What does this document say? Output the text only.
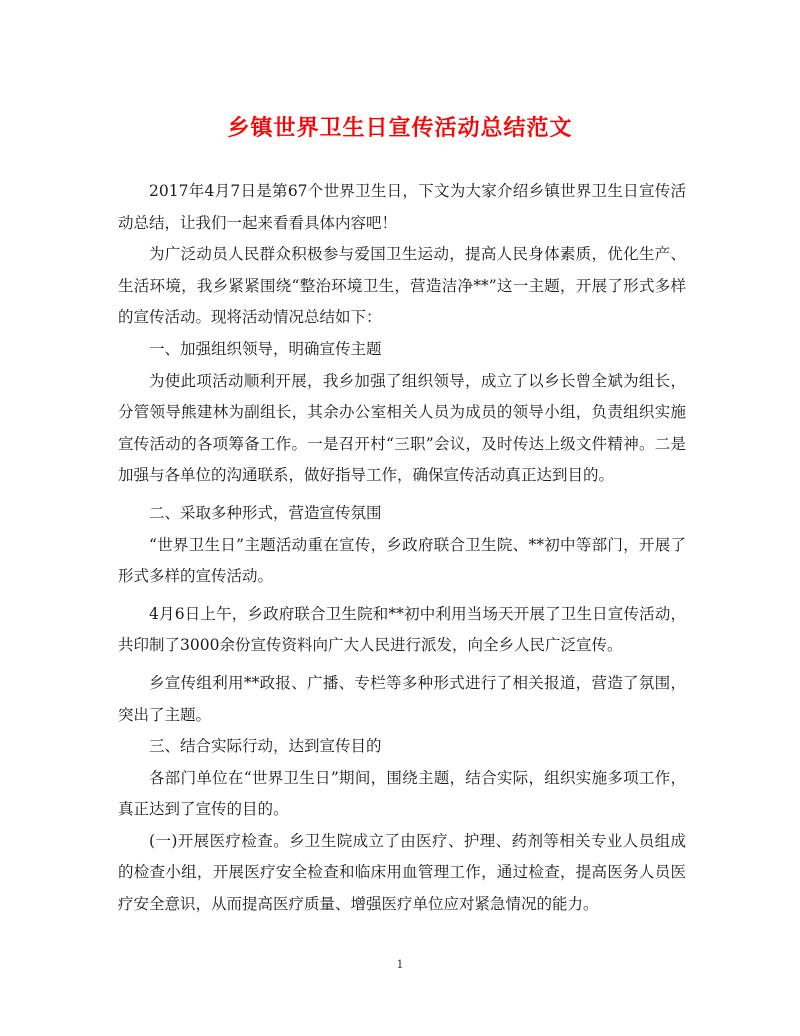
乡镇世界卫生日宣传活动总结范文

2017年4月7日是第67个世界卫生日，下文为大家介绍乡镇世界卫生日宣传活动总结，让我们一起来看看具体内容吧！

为广泛动员人民群众积极参与爱国卫生运动，提高人民身体素质，优化生产、生活环境，我乡紧紧围绕“整治环境卫生，营造洁净**”这一主题，开展了形式多样的宣传活动。现将活动情况总结如下：

一、加强组织领导，明确宣传主题

为使此项活动顺利开展，我乡加强了组织领导，成立了以乡长曾全斌为组长，分管领导熊建林为副组长，其余办公室相关人员为成员的领导小组，负责组织实施宣传活动的各项筹备工作。一是召开村“三职”会议，及时传达上级文件精神。二是加强与各单位的沟通联系，做好指导工作，确保宣传活动真正达到目的。

二、采取多种形式，营造宣传氛围

“世界卫生日”主题活动重在宣传，乡政府联合卫生院、**初中等部门，开展了形式多样的宣传活动。

4月6日上午，乡政府联合卫生院和**初中利用当场天开展了卫生日宣传活动，共印制了3000余份宣传资料向广大人民进行派发，向全乡人民广泛宣传。

乡宣传组利用**政报、广播、专栏等多种形式进行了相关报道，营造了氛围，突出了主题。

三、结合实际行动，达到宣传目的

各部门单位在“世界卫生日”期间，围绕主题，结合实际，组织实施多项工作，真正达到了宣传的目的。

(一)开展医疗检查。乡卫生院成立了由医疗、护理、药剂等相关专业人员组成的检查小组，开展医疗安全检查和临床用血管理工作，通过检查，提高医务人员医疗安全意识，从而提高医疗质量、增强医疗单位应对紧急情况的能力。

1
